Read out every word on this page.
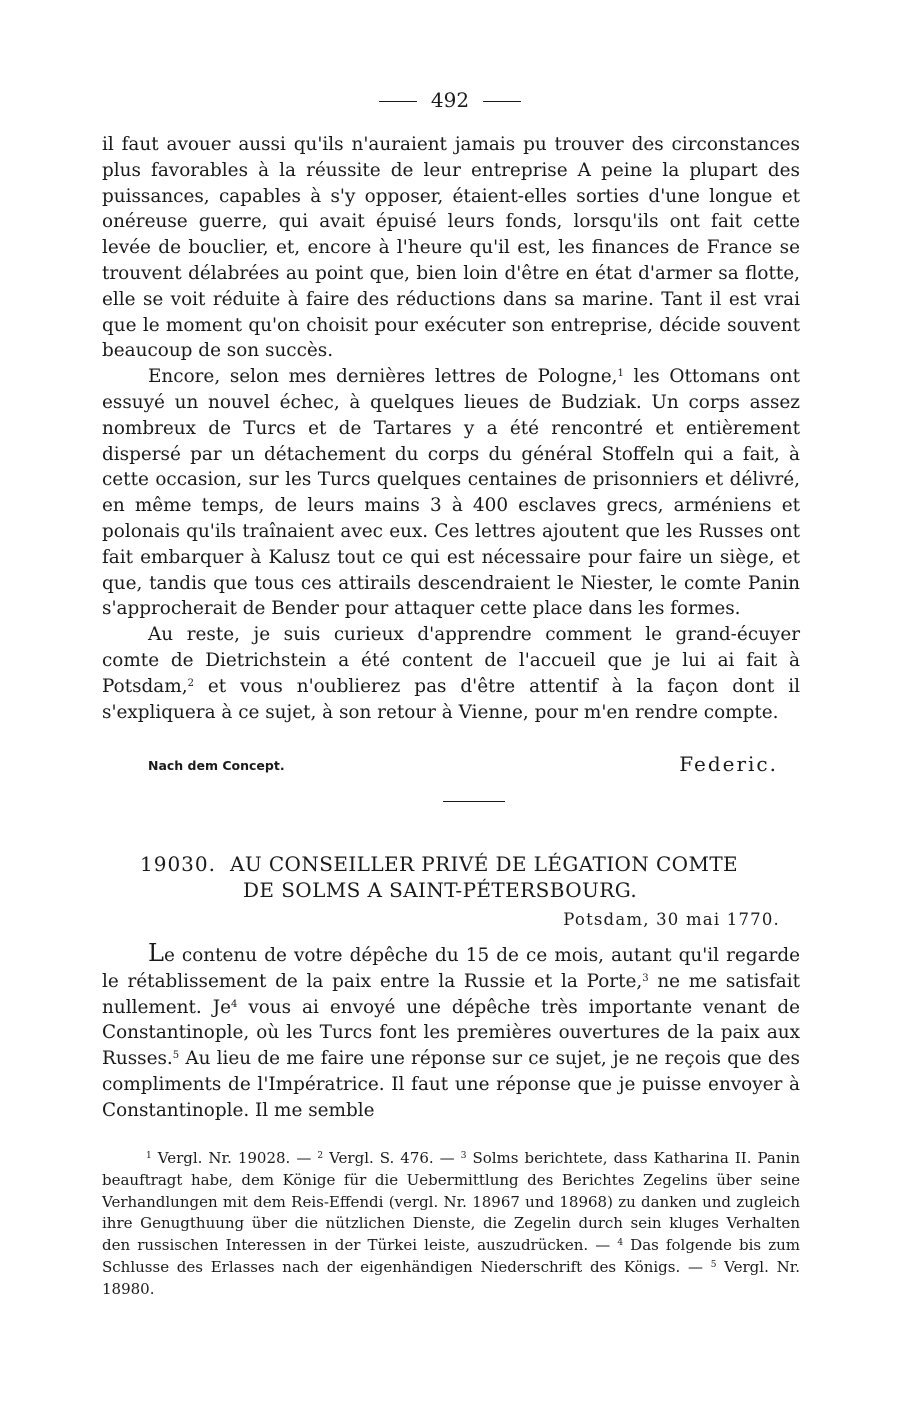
492

il faut avouer aussi qu'ils n'auraient jamais pu trouver des circonstances plus favorables à la réussite de leur entreprise A peine la plupart des puissances, capables à s'y opposer, étaient-elles sorties d'une longue et onéreuse guerre, qui avait épuisé leurs fonds, lorsqu'ils ont fait cette levée de bouclier, et, encore à l'heure qu'il est, les finances de France se trouvent délabrées au point que, bien loin d'être en état d'armer sa flotte, elle se voit réduite à faire des réductions dans sa marine. Tant il est vrai que le moment qu'on choisit pour exécuter son entreprise, décide souvent beaucoup de son succès.

Encore, selon mes dernières lettres de Pologne,$^1$ les Ottomans ont essuyé un nouvel échec, à quelques lieues de Budziak. Un corps assez nombreux de Turcs et de Tartares y a été rencontré et entièrement dispersé par un détachement du corps du général Stoffeln qui a fait, à cette occasion, sur les Turcs quelques centaines de prisonniers et délivré, en même temps, de leurs mains 3 à 400 esclaves grecs, arméniens et polonais qu'ils traînaient avec eux. Ces lettres ajoutent que les Russes ont fait embarquer à Kalusz tout ce qui est nécessaire pour faire un siège, et que, tandis que tous ces attirails descendraient le Niester, le comte Panin s'approcherait de Bender pour attaquer cette place dans les formes.

Au reste, je suis curieux d'apprendre comment le grand-écuyer comte de Dietrichstein a été content de l'accueil que je lui ai fait à Potsdam,$^2$ et vous n'oublierez pas d'être attentif à la façon dont il s'expliquera à ce sujet, à son retour à Vienne, pour m'en rendre compte.

Nach dem Concept.	Federic.
19030. AU CONSEILLER PRIVÉ DE LÉGATION COMTE
DE SOLMS A SAINT-PÉTERSBOURG.
Potsdam, 30 mai 1770.

Le contenu de votre dépêche du 15 de ce mois, autant qu'il regarde le rétablissement de la paix entre la Russie et la Porte,$^3$ ne me satisfait nullement. Je$^4$ vous ai envoyé une dépêche très importante venant de Constantinople, où les Turcs font les premières ouvertures de la paix aux Russes.$^5$ Au lieu de me faire une réponse sur ce sujet, je ne reçois que des compliments de l'Impératrice. Il faut une réponse que je puisse envoyer à Constantinople. Il me semble

$^1$ Vergl. Nr. 19028. — $^2$ Vergl. S. 476. — $^3$ Solms berichtete, dass Katharina II. Panin beauftragt habe, dem Könige für die Uebermittlung des Berichtes Zegelins über seine Verhandlungen mit dem Reis-Effendi (vergl. Nr. 18967 und 18968) zu danken und zugleich ihre Genugthuung über die nützlichen Dienste, die Zegelin durch sein kluges Verhalten den russischen Interessen in der Türkei leiste, auszudrücken. — $^4$ Das folgende bis zum Schlusse des Erlasses nach der eigenhändigen Niederschrift des Königs. — $^5$ Vergl. Nr. 18980.
